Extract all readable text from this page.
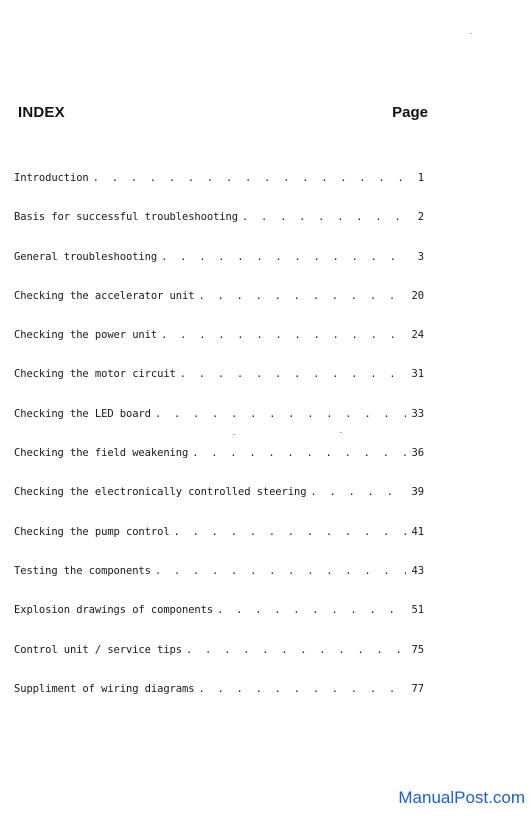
INDEX	Page
Introduction . . .	1
Basis for successful troubleshooting . . .	2
General troubleshooting . . .	3
Checking the accelerator unit . . .	20
Checking the power unit . . .	24
Checking the motor circuit . . .	31
Checking the LED board . . .	33
Checking the field weakening . . .	36
Checking the electronically controlled steering . . .	39
Checking the pump control . . .	41
Testing the components . . .	43
Explosion drawings of components . . .	51
Control unit / service tips . . .	75
Suppliment of wiring diagrams . . .	77
ManualPost.com
